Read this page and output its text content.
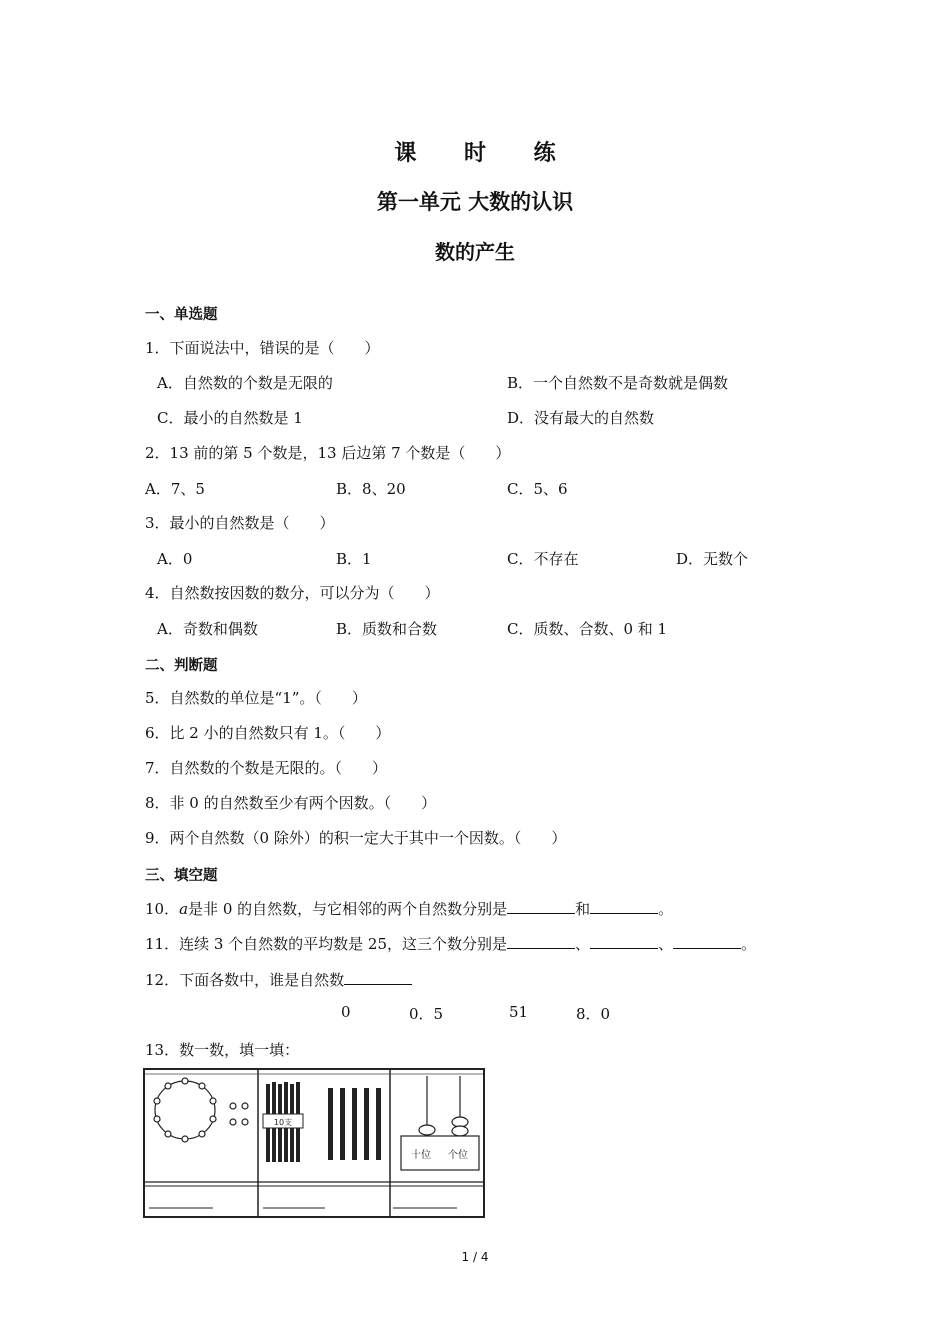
课 时 练
第一单元 大数的认识
数的产生
一、单选题
1．下面说法中，错误的是（　　）
A．自然数的个数是无限的	B．一个自然数不是奇数就是偶数
C．最小的自然数是 1	D．没有最大的自然数
2．13 前的第 5 个数是，13 后边第 7 个数是（　　）
A．7、5	B．8、20	C．5、6
3．最小的自然数是（　　）
A．0	B．1	C．不存在	D．无数个
4．自然数按因数的数分，可以分为（　　）
A．奇数和偶数	B．质数和合数	C．质数、合数、0 和 1
二、判断题
5．自然数的单位是“1”。（　　）
6．比 2 小的自然数只有 1。（　　）
7．自然数的个数是无限的。（　　）
8．非 0 的自然数至少有两个因数。（　　）
9．两个自然数（0 除外）的积一定大于其中一个因数。（　　）
三、填空题
10．a是非 0 的自然数，与它相邻的两个自然数分别是	和	。
11．连续 3 个自然数的平均数是 25，这三个数分别是	、	、	。
12．下面各数中，谁是自然数
0	0．5	51	8．0
13．数一数，填一填：
10支
十位 个位
1 / 4
